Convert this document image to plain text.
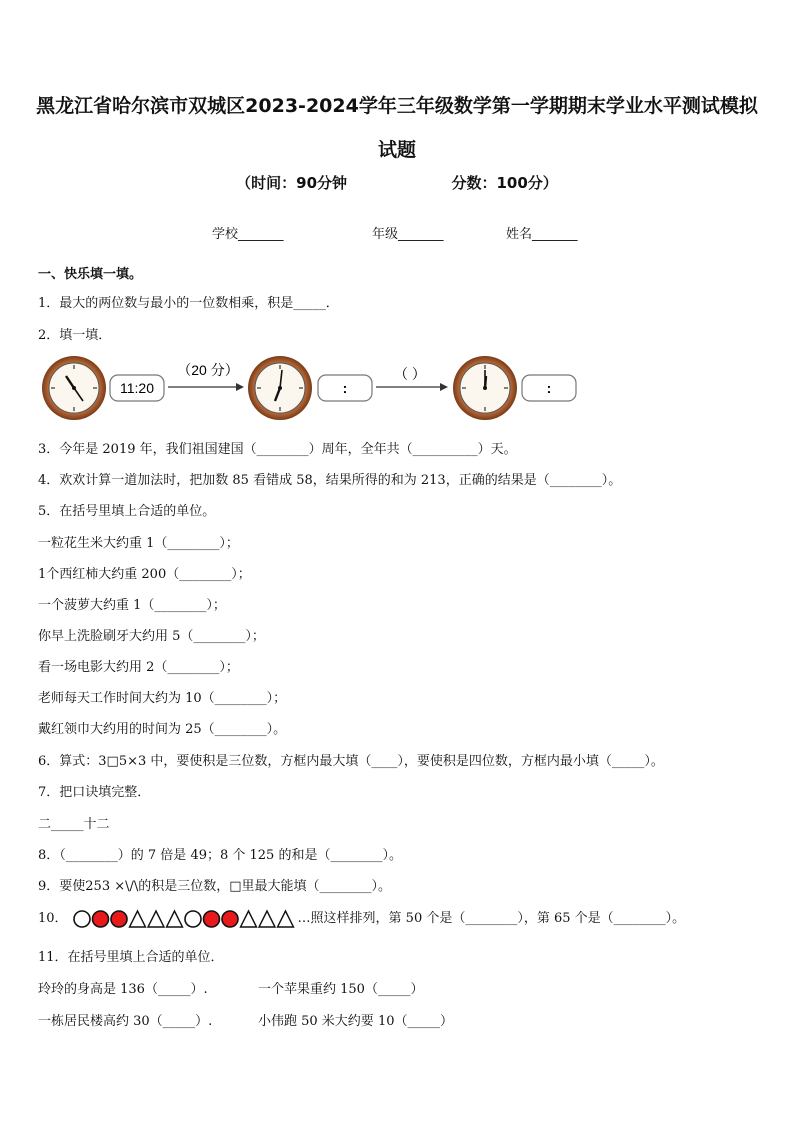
黑龙江省哈尔滨市双城区2023-2024学年三年级数学第一学期期末学业水平测试模拟试题
（时间：90分钟	分数：100分）
学校_______	年级_______	姓名_______
一、快乐填一填。
1．最大的两位数与最小的一位数相乘，积是_____．
2．填一填．
11:20
（20 分）
:
（ ）
:
3．今年是 2019 年，我们祖国建国（________）周年，全年共（__________）天。
4．欢欢计算一道加法时，把加数 85 看错成 58，结果所得的和为 213，正确的结果是（________）。
5．在括号里填上合适的单位。
一粒花生米大约重 1（________）；
1个西红柿大约重 200（________）；
一个菠萝大约重 1（________）；
你早上洗脸刷牙大约用 5（________）；
看一场电影大约用 2（________）；
老师每天工作时间大约为 10（________）；
戴红领巾大约用的时间为 25（________）。
6．算式：3□5×3 中，要使积是三位数，方框内最大填（____），要使积是四位数，方框内最小填（_____）。
7．把口诀填完整．
二_____十二
8．（________）的 7 倍是 49；8 个 125 的和是（________）。
9．要使253 ×\/\的积是三位数，□里最大能填（________）。
10．	…照这样排列，第 50 个是（________），第 65 个是（________）。
11．在括号里填上合适的单位．
玲玲的身高是 136（_____）.	一个苹果重约 150（_____）
一栋居民楼高约 30（_____）.	小伟跑 50 米大约要 10（_____）
